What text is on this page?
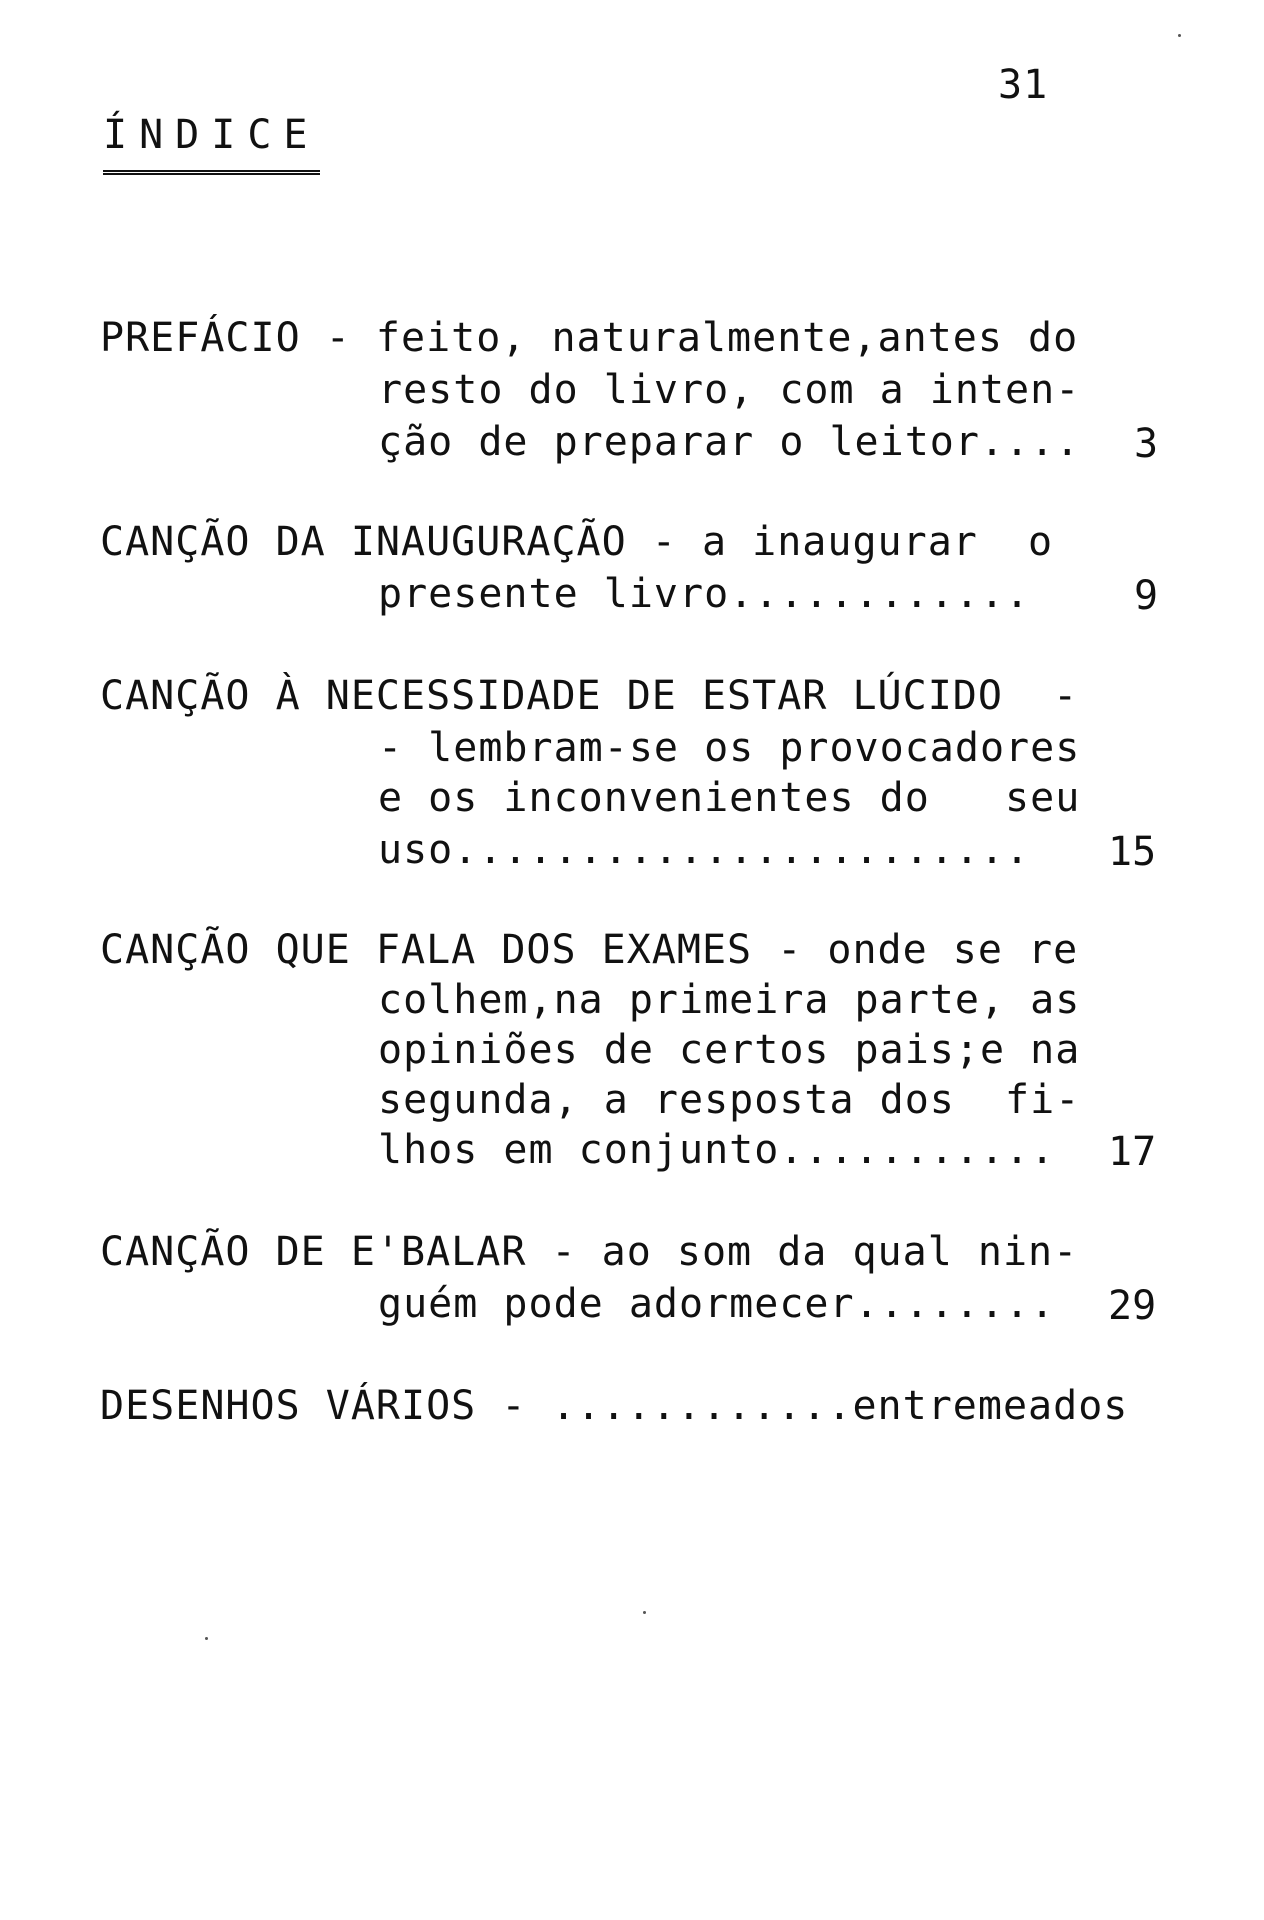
31
ÍNDICE
PREFÁCIO - feito, naturalmente,antes do
resto do livro, com a inten-
ção de preparar o leitor.... 3
CANÇÃO DA INAUGURAÇÃO - a inaugurar  o
presente livro............	9
CANÇÃO À NECESSIDADE DE ESTAR LÚCIDO  -
- lembram-se os provocadores
e os inconvenientes do   seu
uso....................... 15
CANÇÃO QUE FALA DOS EXAMES - onde se re
colhem,na primeira parte, as
opiniões de certos pais;e na
segunda, a resposta dos  fi-
lhos em conjunto........... 17
CANÇÃO DE E'BALAR - ao som da qual nin-
guém pode adormecer........ 29
DESENHOS VÁRIOS - ............entremeados
